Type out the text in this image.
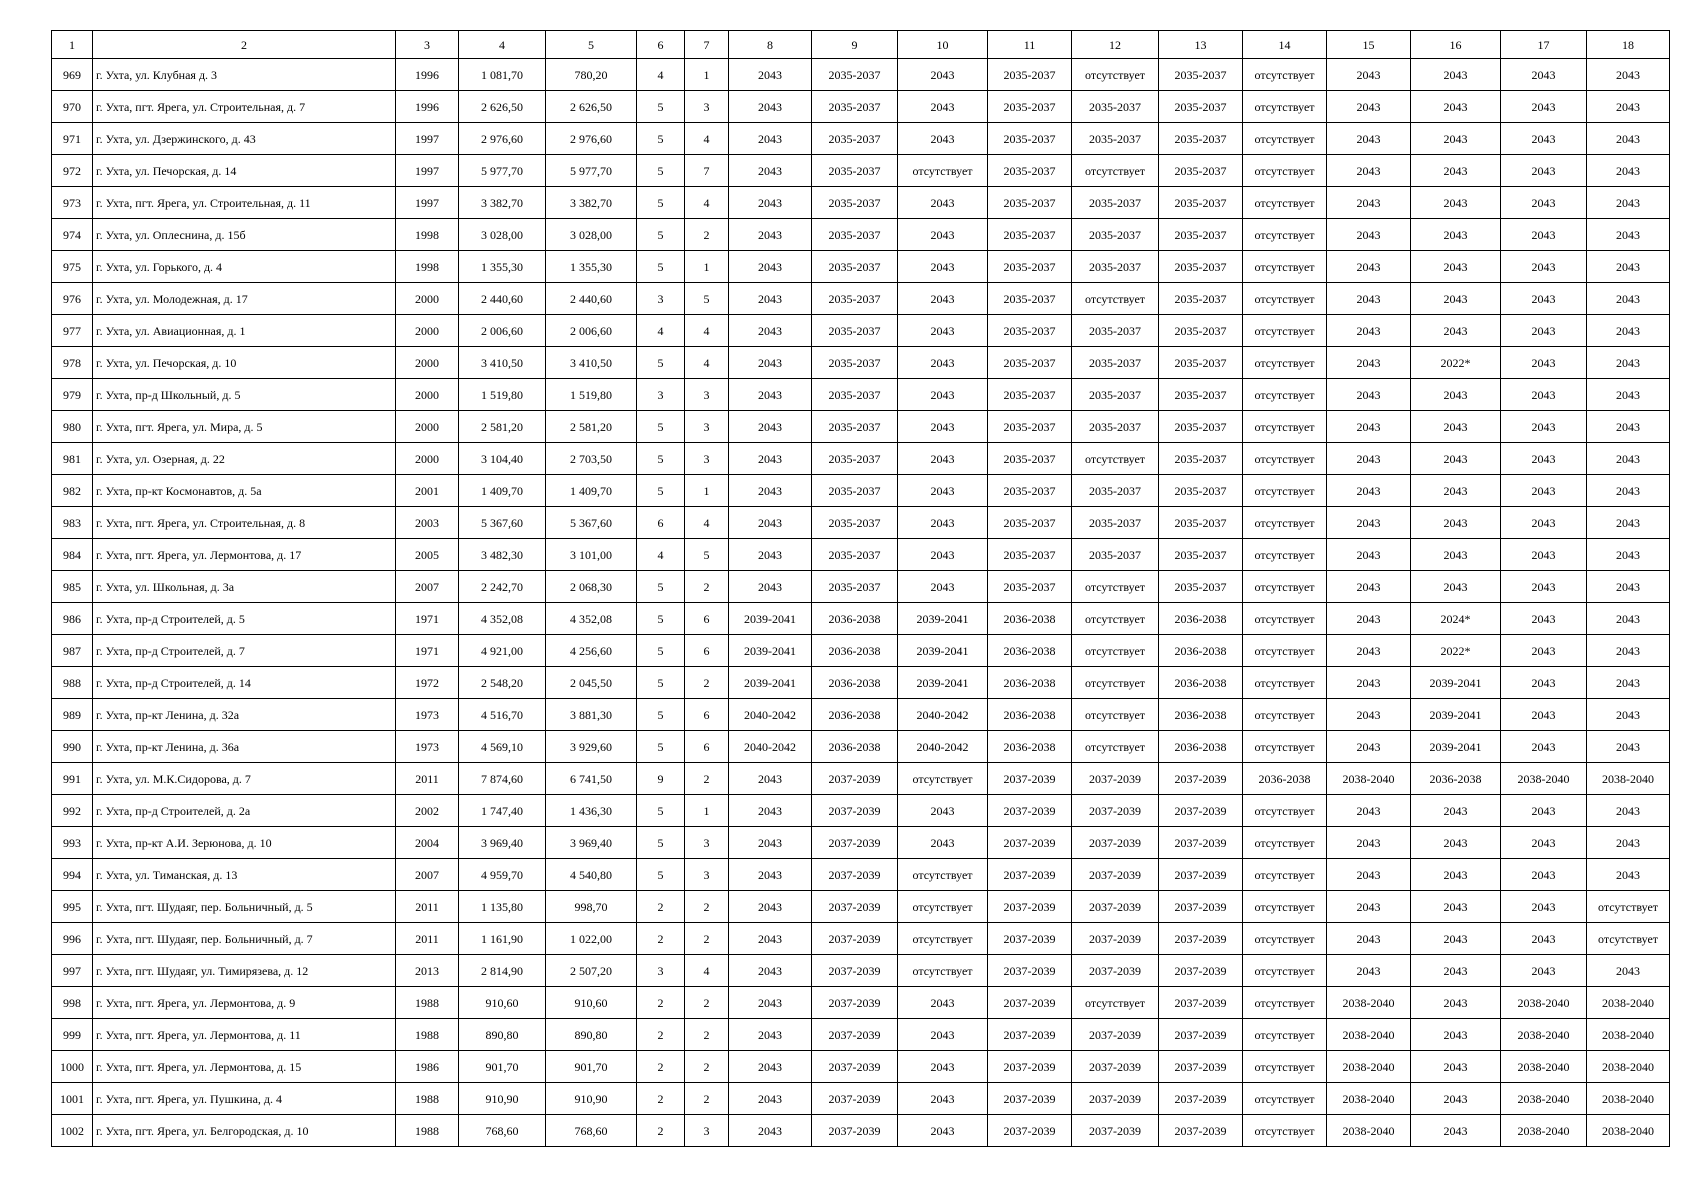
1	2	3	4	5	6	7	8	9	10	11	12	13	14	15	16	17	18
969	г. Ухта, ул. Клубная д. 3	1996	1 081,70	780,20	4	1	2043	2035-2037	2043	2035-2037	отсутствует	2035-2037	отсутствует	2043	2043	2043	2043
970	г. Ухта, пгт. Ярега, ул. Строительная, д. 7	1996	2 626,50	2 626,50	5	3	2043	2035-2037	2043	2035-2037	2035-2037	2035-2037	отсутствует	2043	2043	2043	2043
971	г. Ухта, ул. Дзержинского, д. 43	1997	2 976,60	2 976,60	5	4	2043	2035-2037	2043	2035-2037	2035-2037	2035-2037	отсутствует	2043	2043	2043	2043
972	г. Ухта, ул. Печорская, д. 14	1997	5 977,70	5 977,70	5	7	2043	2035-2037	отсутствует	2035-2037	отсутствует	2035-2037	отсутствует	2043	2043	2043	2043
973	г. Ухта, пгт. Ярега, ул. Строительная, д. 11	1997	3 382,70	3 382,70	5	4	2043	2035-2037	2043	2035-2037	2035-2037	2035-2037	отсутствует	2043	2043	2043	2043
974	г. Ухта, ул. Оплеснина, д. 15б	1998	3 028,00	3 028,00	5	2	2043	2035-2037	2043	2035-2037	2035-2037	2035-2037	отсутствует	2043	2043	2043	2043
975	г. Ухта, ул. Горького, д. 4	1998	1 355,30	1 355,30	5	1	2043	2035-2037	2043	2035-2037	2035-2037	2035-2037	отсутствует	2043	2043	2043	2043
976	г. Ухта, ул. Молодежная, д. 17	2000	2 440,60	2 440,60	3	5	2043	2035-2037	2043	2035-2037	отсутствует	2035-2037	отсутствует	2043	2043	2043	2043
977	г. Ухта, ул. Авиационная, д. 1	2000	2 006,60	2 006,60	4	4	2043	2035-2037	2043	2035-2037	2035-2037	2035-2037	отсутствует	2043	2043	2043	2043
978	г. Ухта, ул. Печорская, д. 10	2000	3 410,50	3 410,50	5	4	2043	2035-2037	2043	2035-2037	2035-2037	2035-2037	отсутствует	2043	2022*	2043	2043
979	г. Ухта, пр-д Школьный, д. 5	2000	1 519,80	1 519,80	3	3	2043	2035-2037	2043	2035-2037	2035-2037	2035-2037	отсутствует	2043	2043	2043	2043
980	г. Ухта, пгт. Ярега, ул. Мира, д. 5	2000	2 581,20	2 581,20	5	3	2043	2035-2037	2043	2035-2037	2035-2037	2035-2037	отсутствует	2043	2043	2043	2043
981	г. Ухта, ул. Озерная, д. 22	2000	3 104,40	2 703,50	5	3	2043	2035-2037	2043	2035-2037	отсутствует	2035-2037	отсутствует	2043	2043	2043	2043
982	г. Ухта, пр-кт Космонавтов, д. 5а	2001	1 409,70	1 409,70	5	1	2043	2035-2037	2043	2035-2037	2035-2037	2035-2037	отсутствует	2043	2043	2043	2043
983	г. Ухта, пгт. Ярега, ул. Строительная, д. 8	2003	5 367,60	5 367,60	6	4	2043	2035-2037	2043	2035-2037	2035-2037	2035-2037	отсутствует	2043	2043	2043	2043
984	г. Ухта, пгт. Ярега, ул. Лермонтова, д. 17	2005	3 482,30	3 101,00	4	5	2043	2035-2037	2043	2035-2037	2035-2037	2035-2037	отсутствует	2043	2043	2043	2043
985	г. Ухта, ул. Школьная, д. 3а	2007	2 242,70	2 068,30	5	2	2043	2035-2037	2043	2035-2037	отсутствует	2035-2037	отсутствует	2043	2043	2043	2043
986	г. Ухта, пр-д Строителей, д. 5	1971	4 352,08	4 352,08	5	6	2039-2041	2036-2038	2039-2041	2036-2038	отсутствует	2036-2038	отсутствует	2043	2024*	2043	2043
987	г. Ухта, пр-д Строителей, д. 7	1971	4 921,00	4 256,60	5	6	2039-2041	2036-2038	2039-2041	2036-2038	отсутствует	2036-2038	отсутствует	2043	2022*	2043	2043
988	г. Ухта, пр-д Строителей, д. 14	1972	2 548,20	2 045,50	5	2	2039-2041	2036-2038	2039-2041	2036-2038	отсутствует	2036-2038	отсутствует	2043	2039-2041	2043	2043
989	г. Ухта, пр-кт Ленина, д. 32а	1973	4 516,70	3 881,30	5	6	2040-2042	2036-2038	2040-2042	2036-2038	отсутствует	2036-2038	отсутствует	2043	2039-2041	2043	2043
990	г. Ухта, пр-кт Ленина, д. 36а	1973	4 569,10	3 929,60	5	6	2040-2042	2036-2038	2040-2042	2036-2038	отсутствует	2036-2038	отсутствует	2043	2039-2041	2043	2043
991	г. Ухта, ул. М.К.Сидорова, д. 7	2011	7 874,60	6 741,50	9	2	2043	2037-2039	отсутствует	2037-2039	2037-2039	2037-2039	2036-2038	2038-2040	2036-2038	2038-2040	2038-2040
992	г. Ухта, пр-д Строителей, д. 2а	2002	1 747,40	1 436,30	5	1	2043	2037-2039	2043	2037-2039	2037-2039	2037-2039	отсутствует	2043	2043	2043	2043
993	г. Ухта, пр-кт А.И. Зерюнова, д. 10	2004	3 969,40	3 969,40	5	3	2043	2037-2039	2043	2037-2039	2037-2039	2037-2039	отсутствует	2043	2043	2043	2043
994	г. Ухта, ул. Тиманская, д. 13	2007	4 959,70	4 540,80	5	3	2043	2037-2039	отсутствует	2037-2039	2037-2039	2037-2039	отсутствует	2043	2043	2043	2043
995	г. Ухта, пгт. Шудаяг, пер. Больничный, д. 5	2011	1 135,80	998,70	2	2	2043	2037-2039	отсутствует	2037-2039	2037-2039	2037-2039	отсутствует	2043	2043	2043	отсутствует
996	г. Ухта, пгт. Шудаяг, пер. Больничный, д. 7	2011	1 161,90	1 022,00	2	2	2043	2037-2039	отсутствует	2037-2039	2037-2039	2037-2039	отсутствует	2043	2043	2043	отсутствует
997	г. Ухта, пгт. Шудаяг, ул. Тимирязева, д. 12	2013	2 814,90	2 507,20	3	4	2043	2037-2039	отсутствует	2037-2039	2037-2039	2037-2039	отсутствует	2043	2043	2043	2043
998	г. Ухта, пгт. Ярега, ул. Лермонтова, д. 9	1988	910,60	910,60	2	2	2043	2037-2039	2043	2037-2039	отсутствует	2037-2039	отсутствует	2038-2040	2043	2038-2040	2038-2040
999	г. Ухта, пгт. Ярега, ул. Лермонтова, д. 11	1988	890,80	890,80	2	2	2043	2037-2039	2043	2037-2039	2037-2039	2037-2039	отсутствует	2038-2040	2043	2038-2040	2038-2040
1000	г. Ухта, пгт. Ярега, ул. Лермонтова, д. 15	1986	901,70	901,70	2	2	2043	2037-2039	2043	2037-2039	2037-2039	2037-2039	отсутствует	2038-2040	2043	2038-2040	2038-2040
1001	г. Ухта, пгт. Ярега, ул. Пушкина, д. 4	1988	910,90	910,90	2	2	2043	2037-2039	2043	2037-2039	2037-2039	2037-2039	отсутствует	2038-2040	2043	2038-2040	2038-2040
1002	г. Ухта, пгт. Ярега, ул. Белгородская, д. 10	1988	768,60	768,60	2	3	2043	2037-2039	2043	2037-2039	2037-2039	2037-2039	отсутствует	2038-2040	2043	2038-2040	2038-2040
